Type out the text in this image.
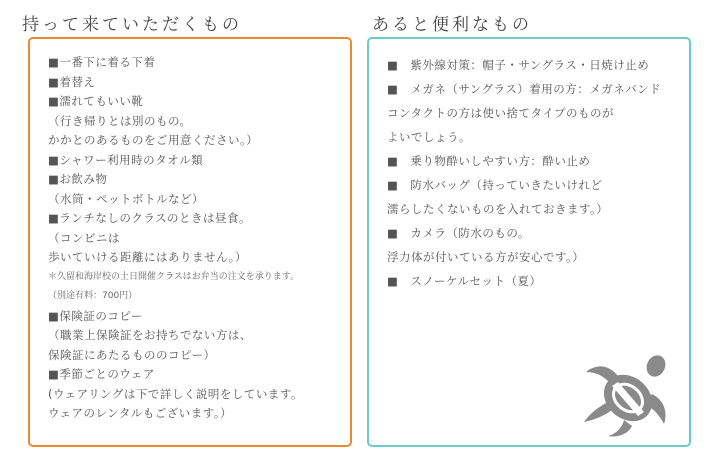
持って来ていただくもの	あると便利なもの
■一番下に着る下着
■着替え
■濡れてもいい靴
（行き帰りとは別のもの。
かかとのあるものをご用意ください。）
■シャワー利用時のタオル類
■お飲み物
（水筒・ペットボトルなど）
■ランチなしのクラスのときは昼食。
（コンビニは
歩いていける距離にはありません。）
＊久留和海岸校の土日開催クラスはお弁当の注文を承ります。
（別途有料：700円）
■保険証のコピー
（職業上保険証をお持ちでない方は、
保険証にあたるもののコピー）
■季節ごとのウェア
(ウェアリングは下で詳しく説明をしています。
ウェアのレンタルもございます。）
■　紫外線対策：帽子・サングラス・日焼け止め
■　メガネ（サングラス）着用の方：メガネバンド
コンタクトの方は使い捨てタイプのものが
よいでしょう。
■　乗り物酔いしやすい方：酔い止め
■　防水バッグ（持っていきたいけれど
濡らしたくないものを入れておきます。）
■　カメラ（防水のもの。
浮力体が付いている方が安心です。）
■　スノーケルセット（夏）
